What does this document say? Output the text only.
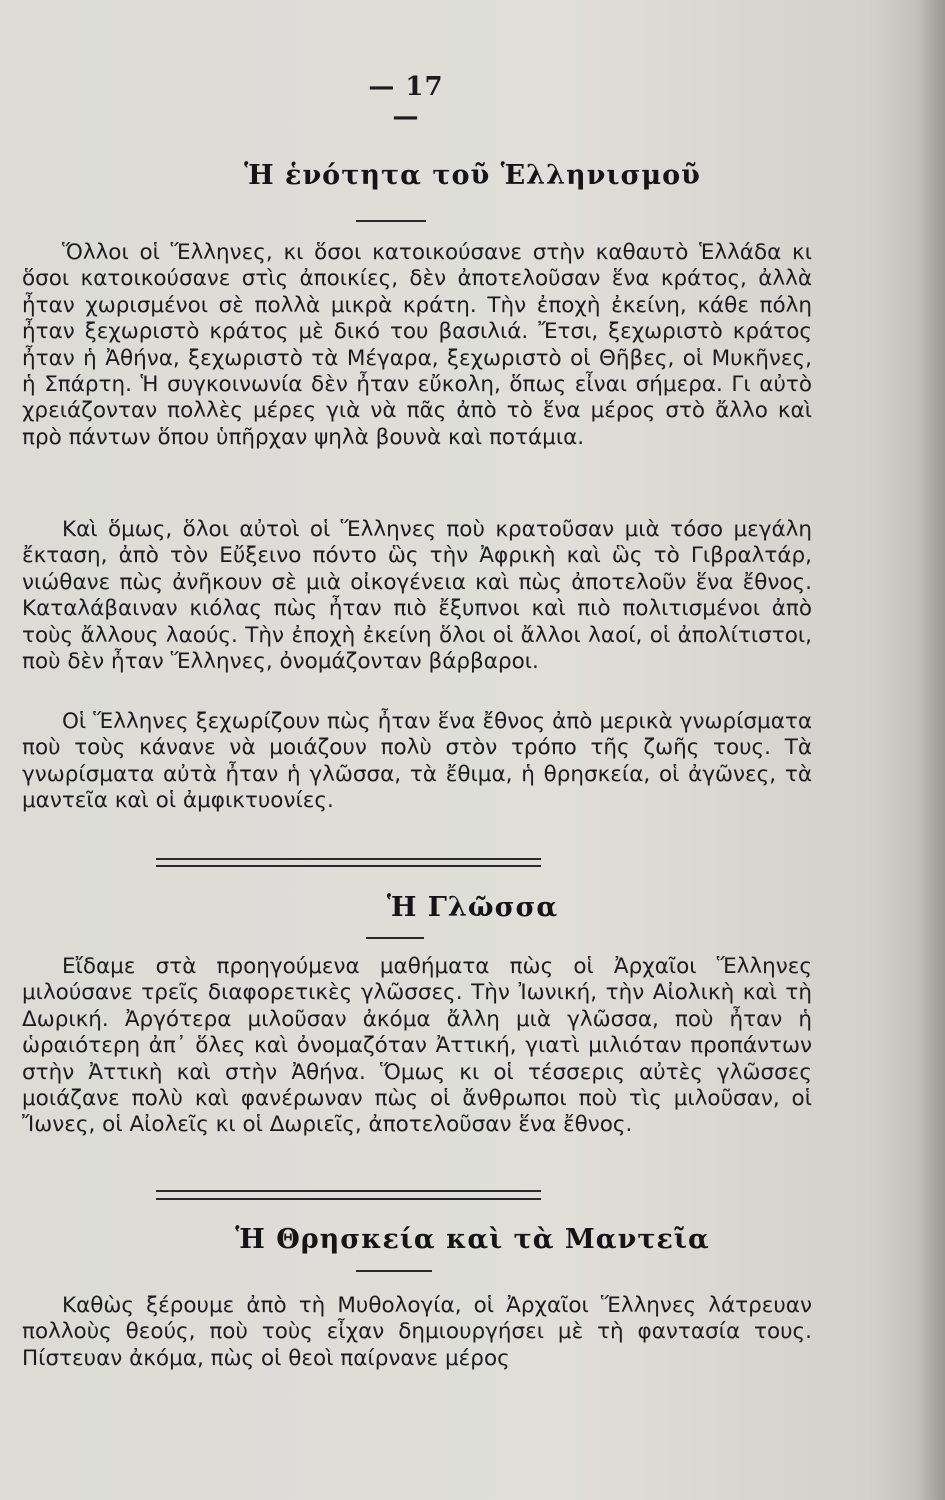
— 17 —
Ἡ ἑνότητα τοῦ Ἑλληνισμοῦ

Ὅλλοι οἱ Ἕλληνες, κι ὅσοι κατοικούσανε στὴν καθαυτὸ Ἑλλάδα κι ὅσοι κατοικούσανε στὶς ἀποικίες, δὲν ἀποτελοῦσαν ἕνα κράτος, ἀλλὰ ἦταν χωρισμένοι σὲ πολλὰ μικρὰ κράτη. Τὴν ἐποχὴ ἐκείνη, κάθε πόλη ἦταν ξεχωριστὸ κράτος μὲ δικό του βασιλιά. Ἔτσι, ξεχωριστὸ κράτος ἦταν ἡ Ἀθήνα, ξεχωριστὸ τὰ Μέγαρα, ξεχωριστὸ οἱ Θῆβες, οἱ Μυκῆνες, ἡ Σπάρτη. Ἡ συγκοινωνία δὲν ἦταν εὔκολη, ὅπως εἶναι σήμερα. Γι αὐτὸ χρειάζονταν πολλὲς μέρες γιὰ νὰ πᾶς ἀπὸ τὸ ἕνα μέρος στὸ ἄλλο καὶ πρὸ πάντων ὅπου ὑπῆρχαν ψηλὰ βουνὰ καὶ ποτάμια.

Καὶ ὅμως, ὅλοι αὐτοὶ οἱ Ἕλληνες ποὺ κρατοῦσαν μιὰ τόσο μεγάλη ἔκταση, ἀπὸ τὸν Εὔξεινο πόντο ὣς τὴν Ἀφρικὴ καὶ ὣς τὸ Γιβραλτάρ, νιώθανε πὼς ἀνῆκουν σὲ μιὰ οἰκογένεια καὶ πὼς ἀποτελοῦν ἕνα ἔθνος. Καταλάβαιναν κιόλας πὼς ἦταν πιὸ ἔξυπνοι καὶ πιὸ πολιτισμένοι ἀπὸ τοὺς ἄλλους λαούς. Τὴν ἐποχὴ ἐκείνη ὅλοι οἱ ἄλλοι λαοί, οἱ ἀπολίτιστοι, ποὺ δὲν ἦταν Ἕλληνες, ὀνομάζονταν βάρβαροι.

Οἱ Ἕλληνες ξεχωρίζουν πὼς ἦταν ἕνα ἔθνος ἀπὸ μερικὰ γνωρίσματα ποὺ τοὺς κάνανε νὰ μοιάζουν πολὺ στὸν τρόπο τῆς ζωῆς τους. Τὰ γνωρίσματα αὐτὰ ἦταν ἡ γλῶσσα, τὰ ἔθιμα, ἡ θρησκεία, οἱ ἀγῶνες, τὰ μαντεῖα καὶ οἱ ἀμφικτυονίες.

Ἡ Γλῶσσα

Εἴδαμε στὰ προηγούμενα μαθήματα πὼς οἱ Ἀρχαῖοι Ἕλληνες μιλούσανε τρεῖς διαφορετικὲς γλῶσσες. Τὴν Ἰωνική, τὴν Αἰολικὴ καὶ τὴ Δωρική. Ἀργότερα μιλοῦσαν ἀκόμα ἄλλη μιὰ γλῶσσα, ποὺ ἦταν ἡ ὡραιότερη ἀπ᾽ ὅλες καὶ ὀνομαζόταν Ἀττική, γιατὶ μιλιόταν προπάντων στὴν Ἀττικὴ καὶ στὴν Ἀθήνα. Ὅμως κι οἱ τέσσερις αὐτὲς γλῶσσες μοιάζανε πολὺ καὶ φανέρωναν πὼς οἱ ἄνθρωποι ποὺ τὶς μιλοῦσαν, οἱ Ἴωνες, οἱ Αἰολεῖς κι οἱ Δωριεῖς, ἀποτελοῦσαν ἕνα ἔθνος.

Ἡ Θρησκεία καὶ τὰ Μαντεῖα

Καθὼς ξέρουμε ἀπὸ τὴ Μυθολογία, οἱ Ἀρχαῖοι Ἕλληνες λάτρευαν πολλοὺς θεούς, ποὺ τοὺς εἶχαν δημιουργήσει μὲ τὴ φαντασία τους. Πίστευαν ἀκόμα, πὼς οἱ θεοὶ παίρνανε μέρος
